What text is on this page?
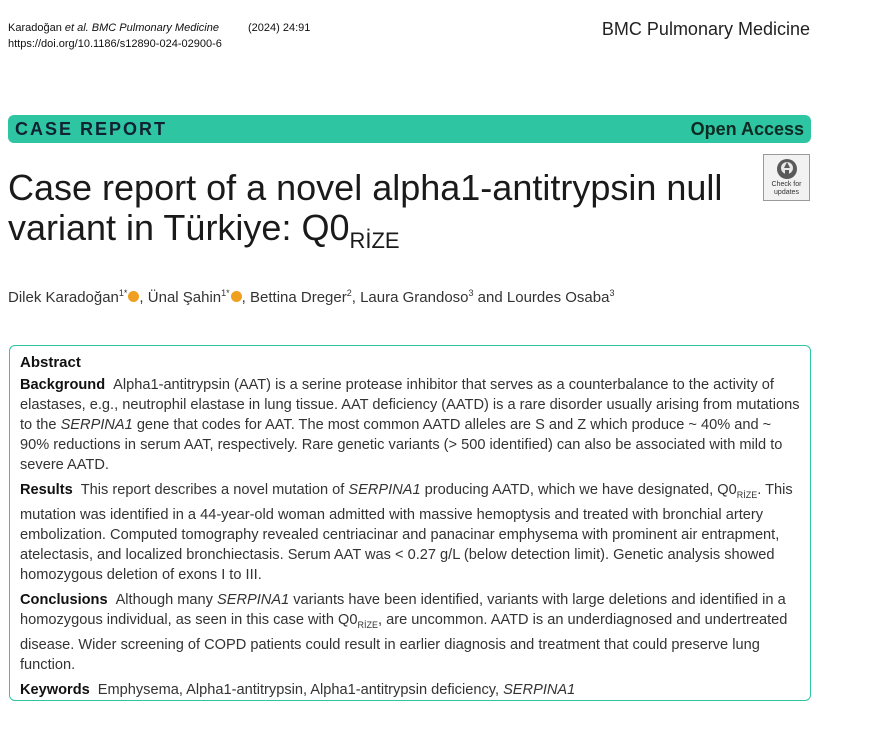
Karadoğan et al. BMC Pulmonary Medicine	(2024) 24:91
https://doi.org/10.1186/s12890-024-02900-6
BMC Pulmonary Medicine
CASE REPORT	Open Access
Case report of a novel alpha1-antitrypsin null variant in Türkiye: $Q0_{RİZE}$
Check for updates
Dilek Karadoğan$^{1*}$ , Ünal Şahin$^{1*}$ , Bettina Dreger$^2$, Laura Grandoso$^3$ and Lourdes Osaba$^3$
Abstract

Background Alpha1-antitrypsin (AAT) is a serine protease inhibitor that serves as a counterbalance to the activity of elastases, e.g., neutrophil elastase in lung tissue. AAT deficiency (AATD) is a rare disorder usually arising from mutations to the SERPINA1 gene that codes for AAT. The most common AATD alleles are S and Z which produce ~ 40% and ~ 90% reductions in serum AAT, respectively. Rare genetic variants (> 500 identified) can also be associated with mild to severe AATD.

Results This report describes a novel mutation of SERPINA1 producing AATD, which we have designated, $Q0_{RİZE}$. This mutation was identified in a 44-year-old woman admitted with massive hemoptysis and treated with bronchial artery embolization. Computed tomography revealed centriacinar and panacinar emphysema with prominent air entrapment, atelectasis, and localized bronchiectasis. Serum AAT was < 0.27 g/L (below detection limit). Genetic analysis showed homozygous deletion of exons I to III.

Conclusions Although many SERPINA1 variants have been identified, variants with large deletions and identified in a homozygous individual, as seen in this case with $Q0_{RİZE}$, are uncommon. AATD is an underdiagnosed and undertreated disease. Wider screening of COPD patients could result in earlier diagnosis and treatment that could preserve lung function.

Keywords Emphysema, Alpha1-antitrypsin, Alpha1-antitrypsin deficiency, SERPINA1
